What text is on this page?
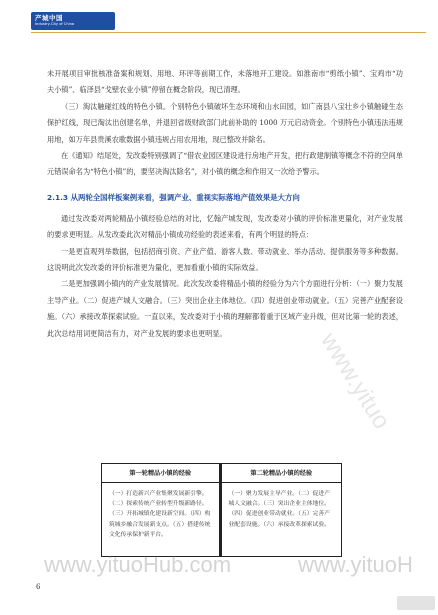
产城中国
Industry-City of China

未开展项目审批核准备案和规划、用地、环评等前期工作，未落地开工建设。如淮南市“剪纸小镇”、宝鸡市“功夫小镇”、临泽县“戈壁农业小镇”停留在概念阶段，现已清理。

（三）淘汰触碰红线的特色小镇。个别特色小镇破坏生态环境和山水田园，如广南县八宝壮乡小镇触碰生态保护红线，现已淘汰出创建名单，并退回省级财政部门此前补助的 1000 万元启动资金。个别特色小镇违法违规用地，如万年县贵溪农歌数据小镇违规占用农用地，现已整改并除名。

在《通知》结尾处，发改委特别强调了“借农业园区建设进行房地产开发，把行政建制镇等概念不符的空间单元错误命名为“特色小镇”的，要坚决淘汰除名”，对小镇的概念和作用又一次给予警示。

2.1.3 从两轮全国样板案例来看，强调产业、重视实际落地产值效果是大方向

通过发改委对两轮精品小镇经验总结的对比，忆翰产城发现，发改委对小镇的评价标准更量化，对产业发展的要求更明显。从发改委此次对精品小镇成功经验的表述来看，有两个明显的特点：

一是更直观列举数据，包括招商引资、产业产值、游客人数、带动就业、举办活动、提供服务等多种数据。这说明此次发改委的评价标准更为量化，更加看重小镇的实际效益。

二是更加强调小镇内的产业发展情况。此次发改委将精品小镇的经验分为六个方面进行分析：（一）聚力发展主导产业。（二）促进产城人文融合。（三）突出企业主体地位。（四）促进创业带动就业。（五）完善产业配套设施。（六）承接改革探索试验。一直以来，发改委对于小镇的理解都着重于区域产业升级，但对比第一轮的表述，此次总结用词更简洁有力，对产业发展的要求也更明显。

第一轮精品小镇的经验
（一）打造新兴产业集聚发展新引擎。（二）探索传统产业转型升级新路径。（三）开拓城镇化建设新空间。（四）构筑城乡融合发展新支点。（五）搭建传统文化传承保护新平台。
第二轮精品小镇的经验
（一）聚力发展主导产业。（二）促进产城人文融合。（三）突出企业主体地位。（四）促进创业带动就业。（五）完善产业配套设施。（六）承接改革探索试验。
www.yituo
www.yituoHub.com	www.yituoH
6
